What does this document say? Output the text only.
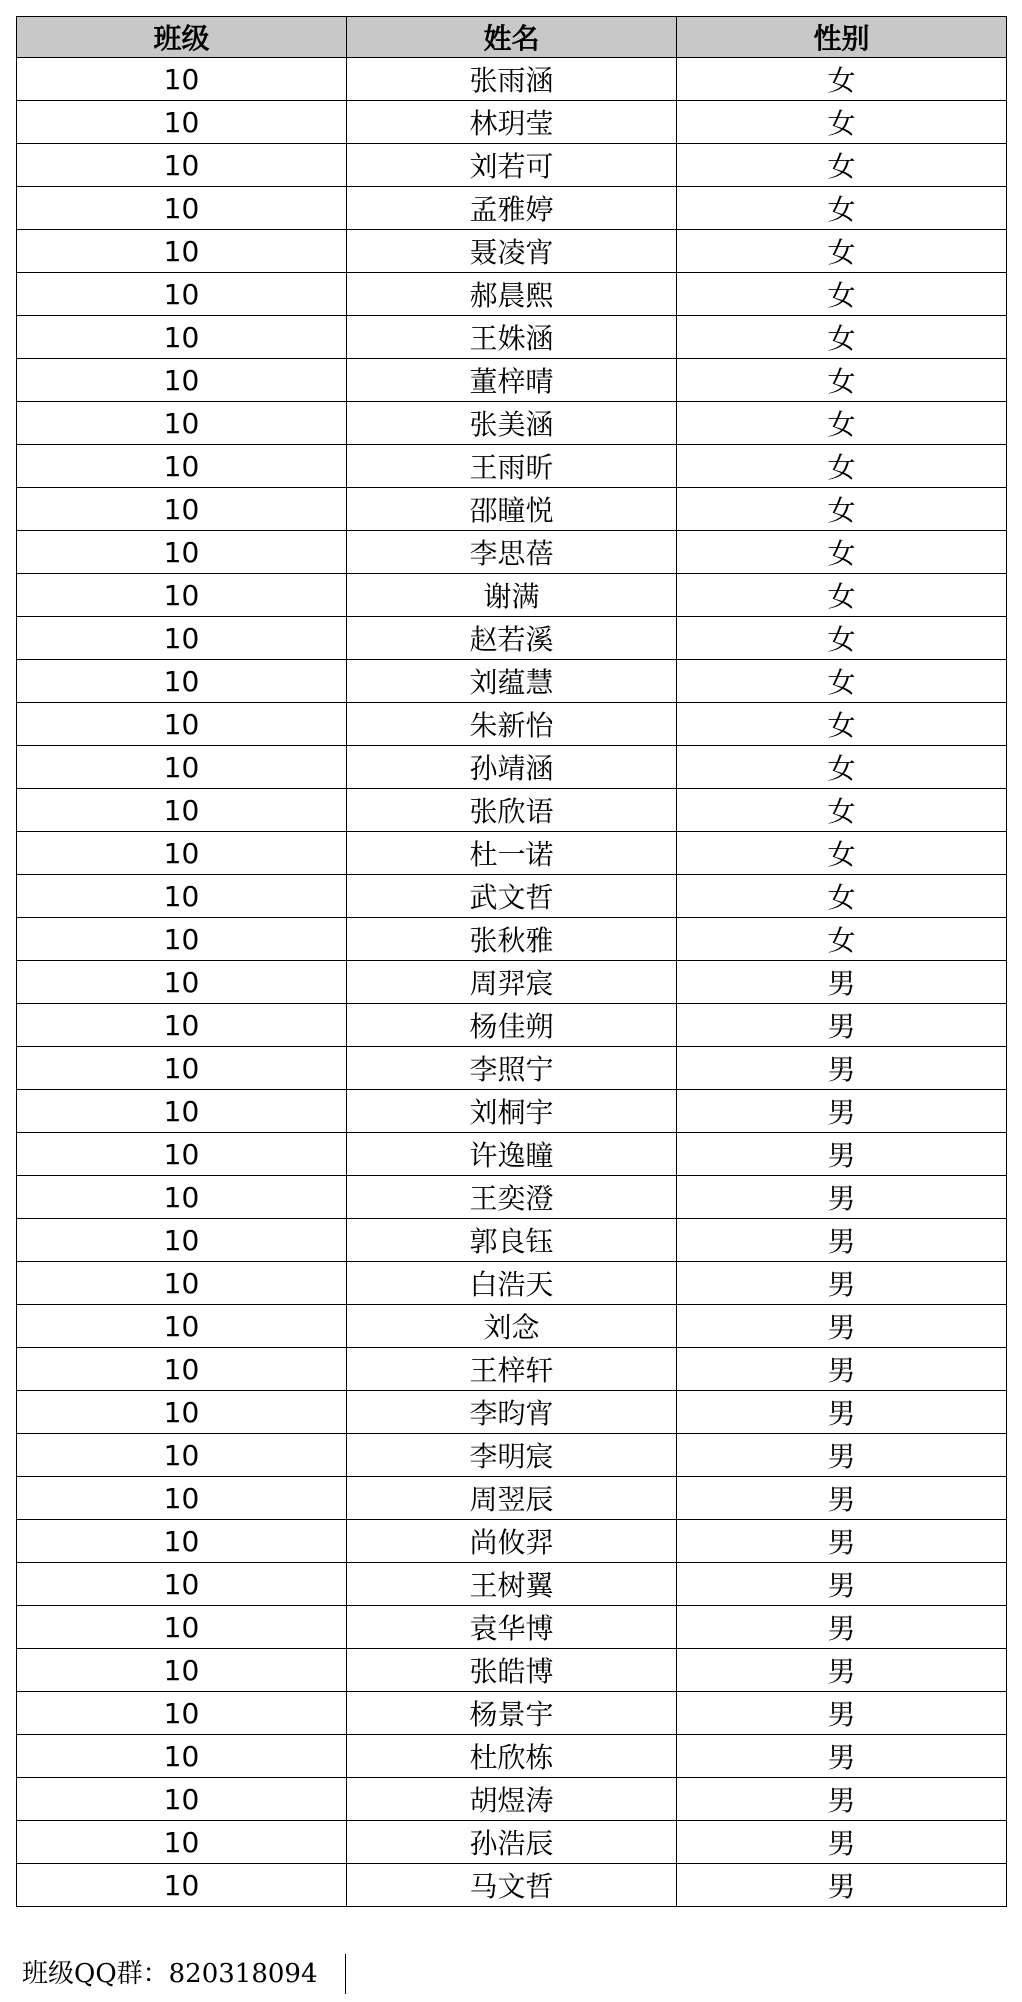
班级	姓名	性别
10	张雨涵	女
10	林玥莹	女
10	刘若可	女
10	孟雅婷	女
10	聂凌宵	女
10	郝晨熙	女
10	王姝涵	女
10	董梓晴	女
10	张美涵	女
10	王雨昕	女
10	邵瞳悦	女
10	李思蓓	女
10	谢满	女
10	赵若溪	女
10	刘蕴慧	女
10	朱新怡	女
10	孙靖涵	女
10	张欣语	女
10	杜一诺	女
10	武文哲	女
10	张秋雅	女
10	周羿宸	男
10	杨佳朔	男
10	李照宁	男
10	刘桐宇	男
10	许逸瞳	男
10	王奕澄	男
10	郭良钰	男
10	白浩天	男
10	刘念	男
10	王梓轩	男
10	李昀宵	男
10	李明宸	男
10	周翌辰	男
10	尚攸羿	男
10	王树翼	男
10	袁华博	男
10	张皓博	男
10	杨景宇	男
10	杜欣栋	男
10	胡煜涛	男
10	孙浩辰	男
10	马文哲	男
班级QQ群：820318094
